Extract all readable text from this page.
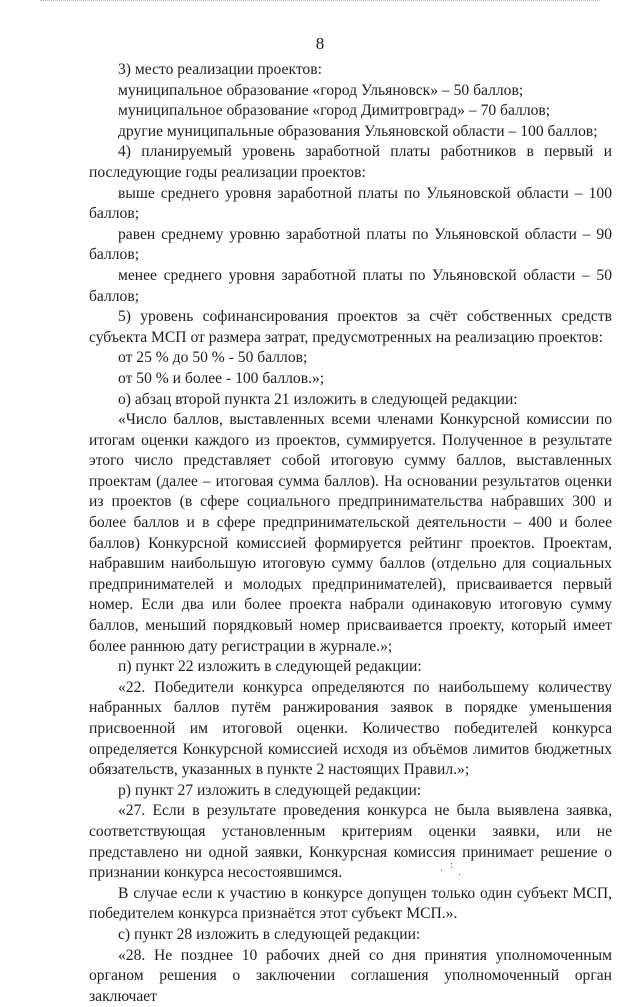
8

3) место реализации проектов:

муниципальное образование «город Ульяновск» – 50 баллов;

муниципальное образование «город Димитровград» – 70 баллов;

другие муниципальные образования Ульяновской области – 100 баллов;

4) планируемый уровень заработной платы работников в первый и последующие годы реализации проектов:

выше среднего уровня заработной платы по Ульяновской области – 100 баллов;

равен среднему уровню заработной платы по Ульяновской области – 90 баллов;

менее среднего уровня заработной платы по Ульяновской области – 50 баллов;

5) уровень софинансирования проектов за счёт собственных средств субъекта МСП от размера затрат, предусмотренных на реализацию проектов:

от 25 % до 50 % - 50 баллов;

от 50 % и более - 100 баллов.»;

о) абзац второй пункта 21 изложить в следующей редакции:

«Число баллов, выставленных всеми членами Конкурсной комиссии по итогам оценки каждого из проектов, суммируется. Полученное в результате этого число представляет собой итоговую сумму баллов, выставленных проектам (далее – итоговая сумма баллов). На основании результатов оценки из проектов (в сфере социального предпринимательства набравших 300 и более баллов и в сфере предпринимательской деятельности – 400 и более баллов) Конкурсной комиссией формируется рейтинг проектов. Проектам, набравшим наибольшую итоговую сумму баллов (отдельно для социальных предпринимателей и молодых предпринимателей), присваивается первый номер. Если два или более проекта набрали одинаковую итоговую сумму баллов, меньший порядковый номер присваивается проекту, который имеет более раннюю дату регистрации в журнале.»;

п) пункт 22 изложить в следующей редакции:

«22. Победители конкурса определяются по наибольшему количеству набранных баллов путём ранжирования заявок в порядке уменьшения присвоенной им итоговой оценки. Количество победителей конкурса определяется Конкурсной комиссией исходя из объёмов лимитов бюджетных обязательств, указанных в пункте 2 настоящих Правил.»;

р) пункт 27 изложить в следующей редакции:

«27. Если в результате проведения конкурса не была выявлена заявка, соответствующая установленным критериям оценки заявки, или не представлено ни одной заявки, Конкурсная комиссия принимает решение о признании конкурса несостоявшимся.

В случае если к участию в конкурсе допущен только один субъект МСП, победителем конкурса признаётся этот субъект МСП.».

с) пункт 28 изложить в следующей редакции:

«28. Не позднее 10 рабочих дней со дня принятия уполномоченным органом решения о заключении соглашения уполномоченный орган заключает

·
:
·
